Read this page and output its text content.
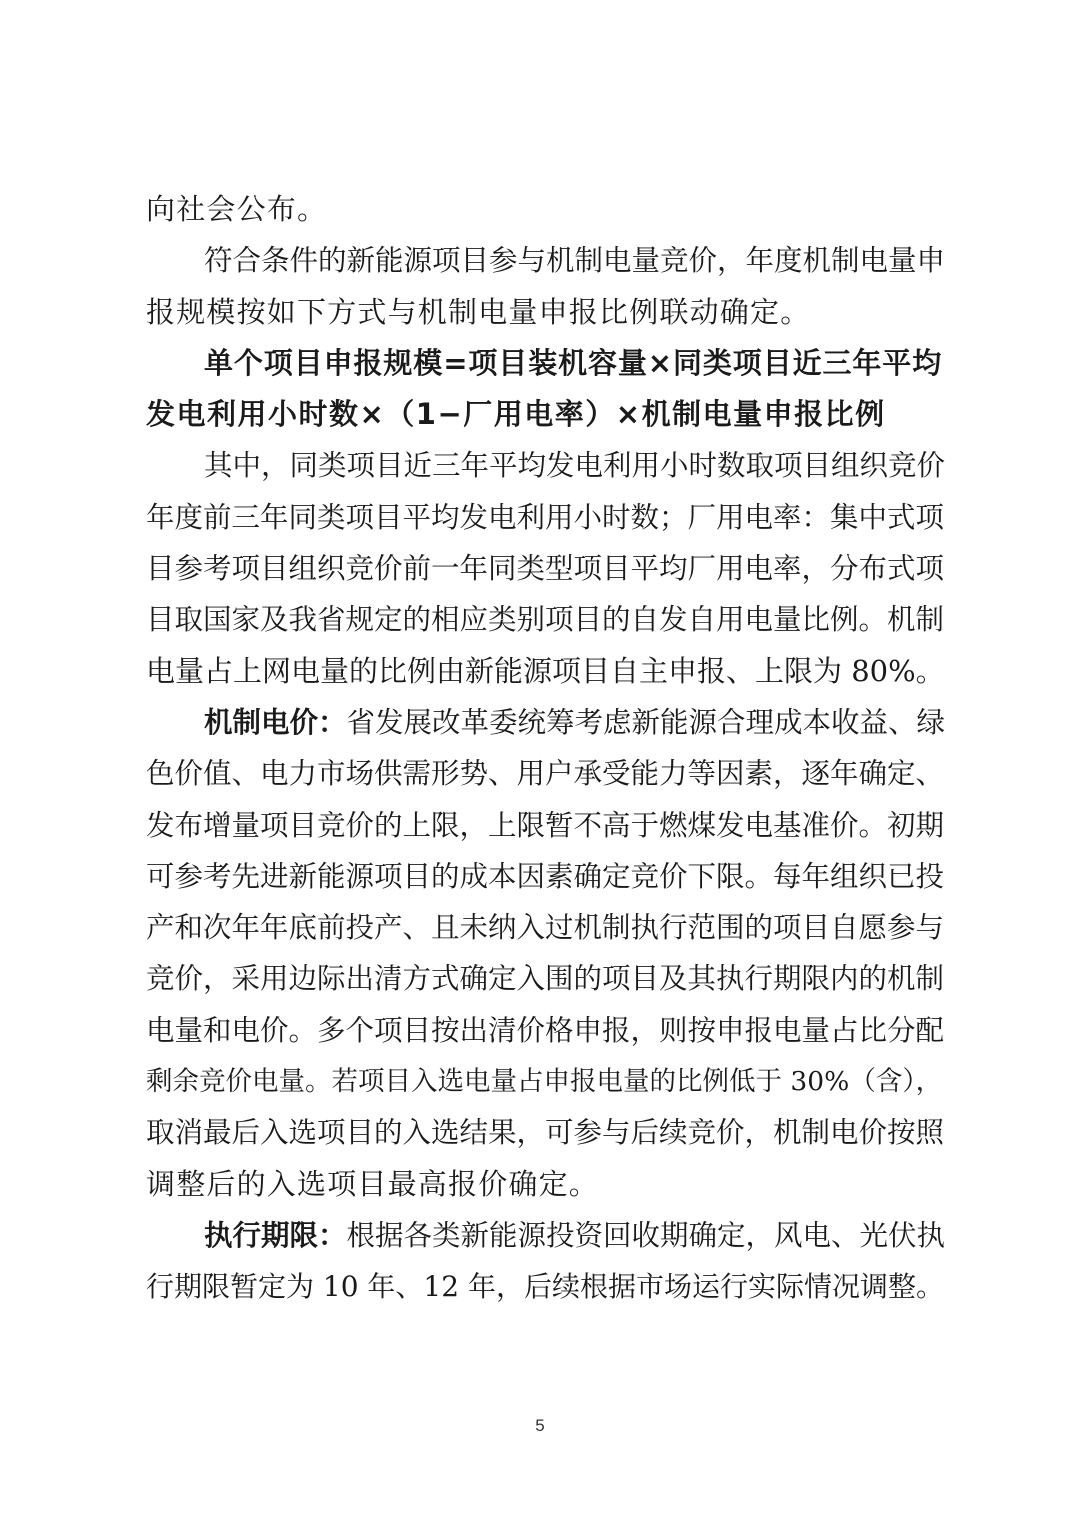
向社会公布。
符合条件的新能源项目参与机制电量竞价，年度机制电量申
报规模按如下方式与机制电量申报比例联动确定。
单个项目申报规模=项目装机容量×同类项目近三年平均
发电利用小时数×（1−厂用电率）×机制电量申报比例
其中，同类项目近三年平均发电利用小时数取项目组织竞价
年度前三年同类项目平均发电利用小时数；厂用电率：集中式项
目参考项目组织竞价前一年同类型项目平均厂用电率，分布式项
目取国家及我省规定的相应类别项目的自发自用电量比例。机制
电量占上网电量的比例由新能源项目自主申报、上限为 80%。
机制电价：省发展改革委统筹考虑新能源合理成本收益、绿
色价值、电力市场供需形势、用户承受能力等因素，逐年确定、
发布增量项目竞价的上限，上限暂不高于燃煤发电基准价。初期
可参考先进新能源项目的成本因素确定竞价下限。每年组织已投
产和次年年底前投产、且未纳入过机制执行范围的项目自愿参与
竞价，采用边际出清方式确定入围的项目及其执行期限内的机制
电量和电价。多个项目按出清价格申报，则按申报电量占比分配
剩余竞价电量。若项目入选电量占申报电量的比例低于 30%（含），
取消最后入选项目的入选结果，可参与后续竞价，机制电价按照
调整后的入选项目最高报价确定。
执行期限：根据各类新能源投资回收期确定，风电、光伏执
行期限暂定为 10 年、12 年，后续根据市场运行实际情况调整。
5
